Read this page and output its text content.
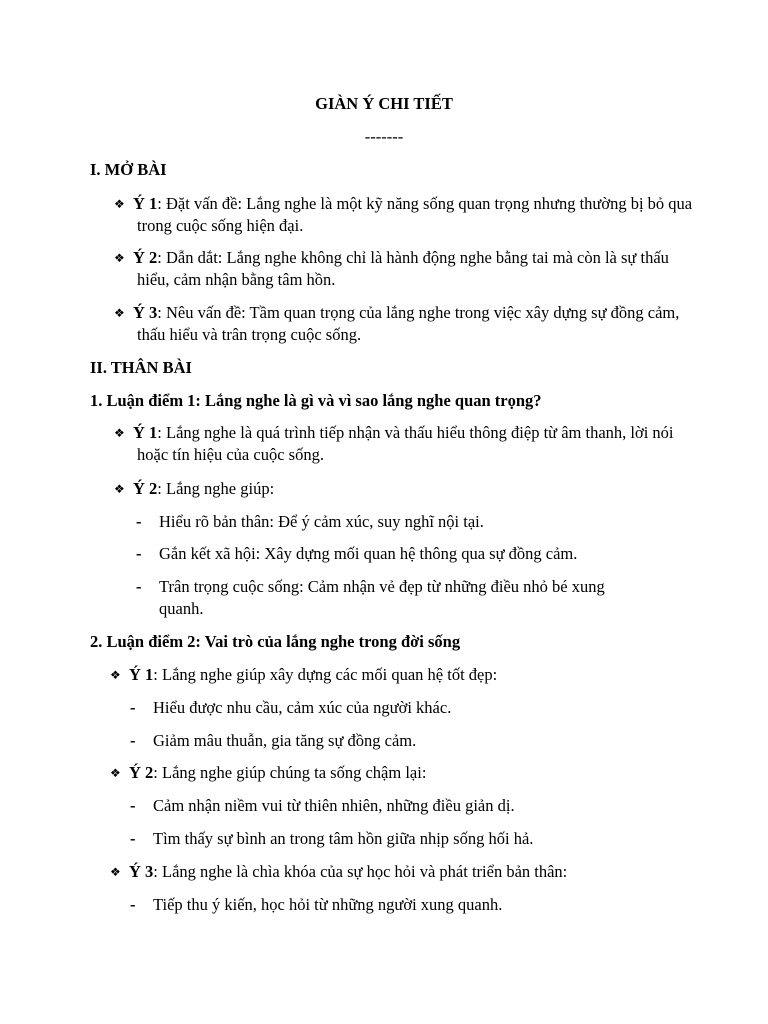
GIÀN Ý CHI TIẾT
-------
I. MỞ BÀI
❖ Ý 1: Đặt vấn đề: Lắng nghe là một kỹ năng sống quan trọng nhưng thường bị bỏ qua trong cuộc sống hiện đại.
❖ Ý 2: Dẫn dắt: Lắng nghe không chỉ là hành động nghe bằng tai mà còn là sự thấu hiểu, cảm nhận bằng tâm hồn.
❖ Ý 3: Nêu vấn đề: Tầm quan trọng của lắng nghe trong việc xây dựng sự đồng cảm, thấu hiểu và trân trọng cuộc sống.
II. THÂN BÀI
1. Luận điểm 1: Lắng nghe là gì và vì sao lắng nghe quan trọng?
❖ Ý 1: Lắng nghe là quá trình tiếp nhận và thấu hiểu thông điệp từ âm thanh, lời nói hoặc tín hiệu của cuộc sống.
❖ Ý 2: Lắng nghe giúp:
- Hiểu rõ bản thân: Để ý cảm xúc, suy nghĩ nội tại.
- Gắn kết xã hội: Xây dựng mối quan hệ thông qua sự đồng cảm.
- Trân trọng cuộc sống: Cảm nhận vẻ đẹp từ những điều nhỏ bé xung quanh.
2. Luận điểm 2: Vai trò của lắng nghe trong đời sống
❖ Ý 1: Lắng nghe giúp xây dựng các mối quan hệ tốt đẹp:
- Hiểu được nhu cầu, cảm xúc của người khác.
- Giảm mâu thuẫn, gia tăng sự đồng cảm.
❖ Ý 2: Lắng nghe giúp chúng ta sống chậm lại:
- Cảm nhận niềm vui từ thiên nhiên, những điều giản dị.
- Tìm thấy sự bình an trong tâm hồn giữa nhịp sống hối hả.
❖ Ý 3: Lắng nghe là chìa khóa của sự học hỏi và phát triển bản thân:
- Tiếp thu ý kiến, học hỏi từ những người xung quanh.
